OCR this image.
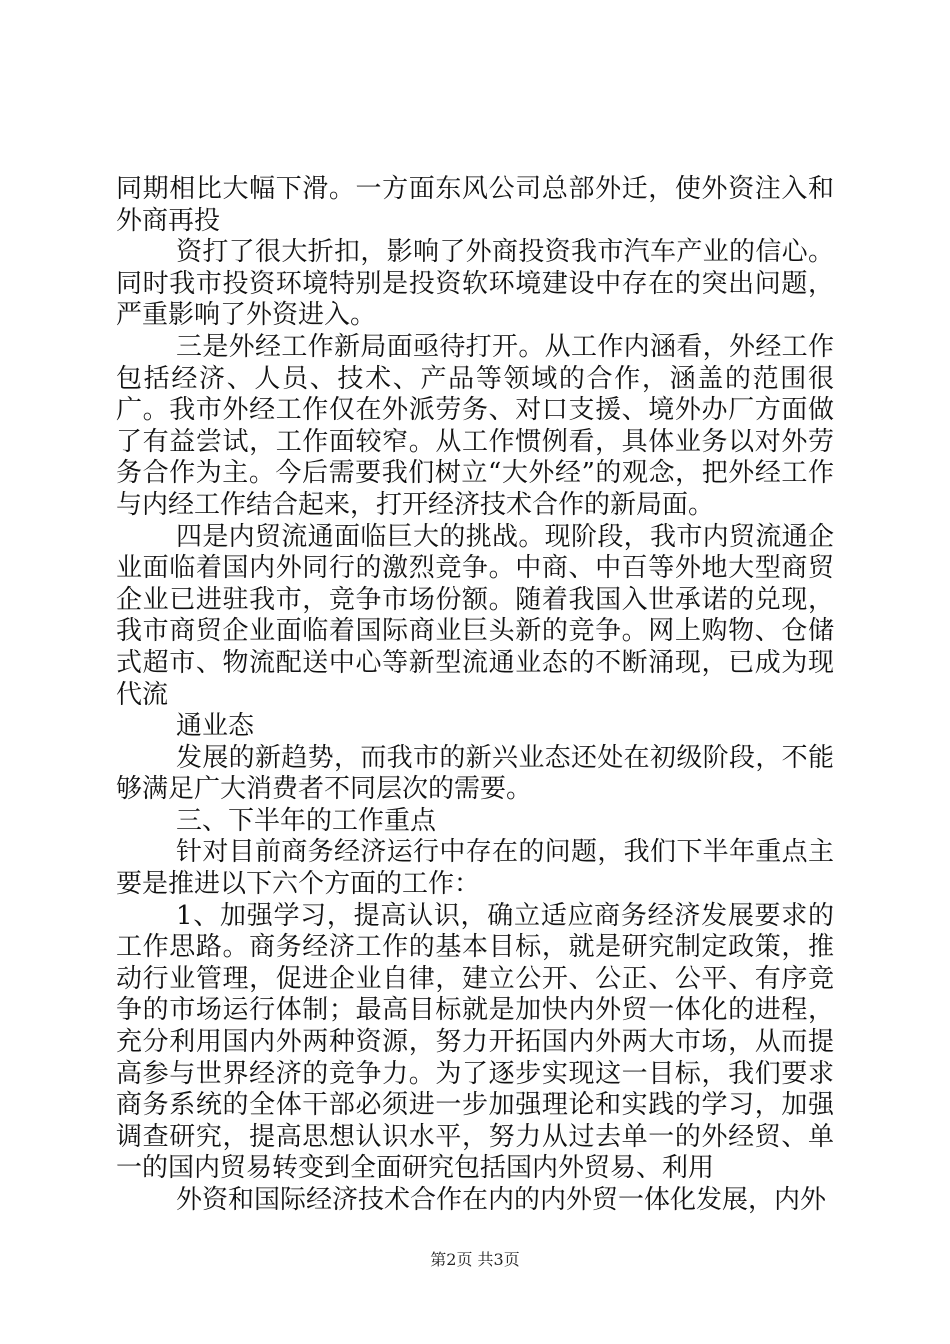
同期相比大幅下滑。一方面东风公司总部外迁，使外资注入和外商再投

资打了很大折扣，影响了外商投资我市汽车产业的信心。同时我市投资环境特别是投资软环境建设中存在的突出问题，严重影响了外资进入。

三是外经工作新局面亟待打开。从工作内涵看，外经工作包括经济、人员、技术、产品等领域的合作，涵盖的范围很广。我市外经工作仅在外派劳务、对口支援、境外办厂方面做了有益尝试，工作面较窄。从工作惯例看，具体业务以对外劳务合作为主。今后需要我们树立“大外经”的观念，把外经工作与内经工作结合起来，打开经济技术合作的新局面。

四是内贸流通面临巨大的挑战。现阶段，我市内贸流通企业面临着国内外同行的激烈竞争。中商、中百等外地大型商贸企业已进驻我市，竞争市场份额。随着我国入世承诺的兑现，我市商贸企业面临着国际商业巨头新的竞争。网上购物、仓储式超市、物流配送中心等新型流通业态的不断涌现，已成为现代流

通业态

发展的新趋势，而我市的新兴业态还处在初级阶段，不能够满足广大消费者不同层次的需要。

三、下半年的工作重点

针对目前商务经济运行中存在的问题，我们下半年重点主要是推进以下六个方面的工作：

1、加强学习，提高认识，确立适应商务经济发展要求的工作思路。商务经济工作的基本目标，就是研究制定政策，推动行业管理，促进企业自律，建立公开、公正、公平、有序竞争的市场运行体制；最高目标就是加快内外贸一体化的进程，充分利用国内外两种资源，努力开拓国内外两大市场，从而提高参与世界经济的竞争力。为了逐步实现这一目标，我们要求商务系统的全体干部必须进一步加强理论和实践的学习，加强调查研究，提高思想认识水平，努力从过去单一的外经贸、单一的国内贸易转变到全面研究包括国内外贸易、利用

外资和国际经济技术合作在内的内外贸一体化发展，内外

第2页 共3页
